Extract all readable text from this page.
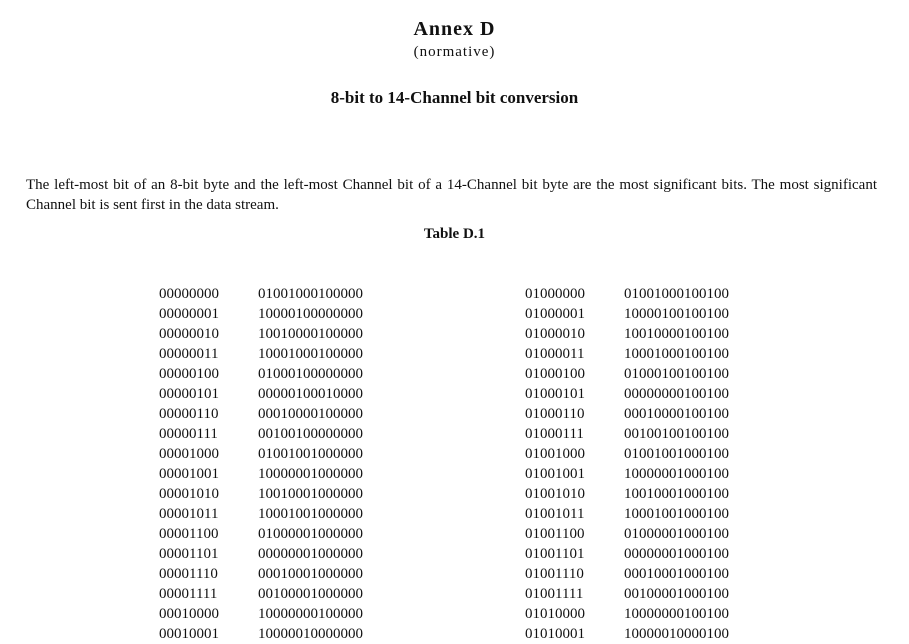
Annex D
(normative)
8-bit to 14-Channel bit conversion

The left-most bit of an 8-bit byte and the left-most Channel bit of a 14-Channel bit byte are the most significant bits. The most significant Channel bit is sent first in the data stream.

Table D.1
00000000	01001000100000
00000001	10000100000000
00000010	10010000100000
00000011	10001000100000
00000100	01000100000000
00000101	00000100010000
00000110	00010000100000
00000111	00100100000000
00001000	01001001000000
00001001	10000001000000
00001010	10010001000000
00001011	10001001000000
00001100	01000001000000
00001101	00000001000000
00001110	00010001000000
00001111	00100001000000
00010000	10000000100000
00010001	10000010000000
01000000	01001000100100
01000001	10000100100100
01000010	10010000100100
01000011	10001000100100
01000100	01000100100100
01000101	00000000100100
01000110	00010000100100
01000111	00100100100100
01001000	01001001000100
01001001	10000001000100
01001010	10010001000100
01001011	10001001000100
01001100	01000001000100
01001101	00000001000100
01001110	00010001000100
01001111	00100001000100
01010000	10000000100100
01010001	10000010000100
